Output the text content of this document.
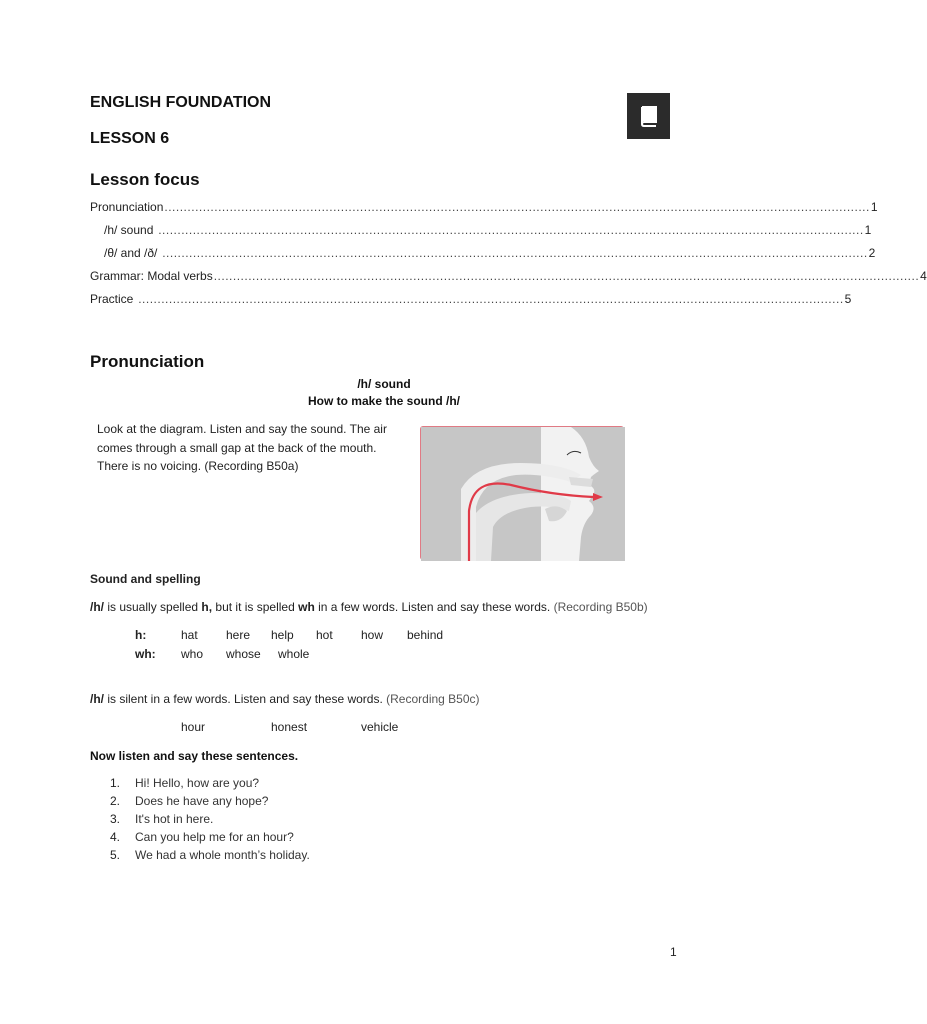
ENGLISH FOUNDATION
LESSON 6
Lesson focus
Pronunciation ........................................................................................................................................................................................ 1
/h/ sound ........................................................................................................................................................................................ 1
/θ/ and /ð/ ........................................................................................................................................................................................ 2
Grammar: Modal verbs ........................................................................................................................................................................................ 4
Practice ........................................................................................................................................................................................ 5
Pronunciation
/h/ sound
How to make the sound /h/
Look at the diagram. Listen and say the sound. The air comes through a small gap at the back of the mouth. There is no voicing. (Recording B50a)
Sound and spelling
/h/ is usually spelled h, but it is spelled wh in a few words. Listen and say these words. (Recording B50b)
h:	hat here help hot how behind
wh: who whose whole
/h/ is silent in a few words. Listen and say these words. (Recording B50c)
hour	honest	vehicle
Now listen and say these sentences.
1.	Hi! Hello, how are you?
2.	Does he have any hope?
3.	It's hot in here.
4.	Can you help me for an hour?
5.	We had a whole month’s holiday.
1
